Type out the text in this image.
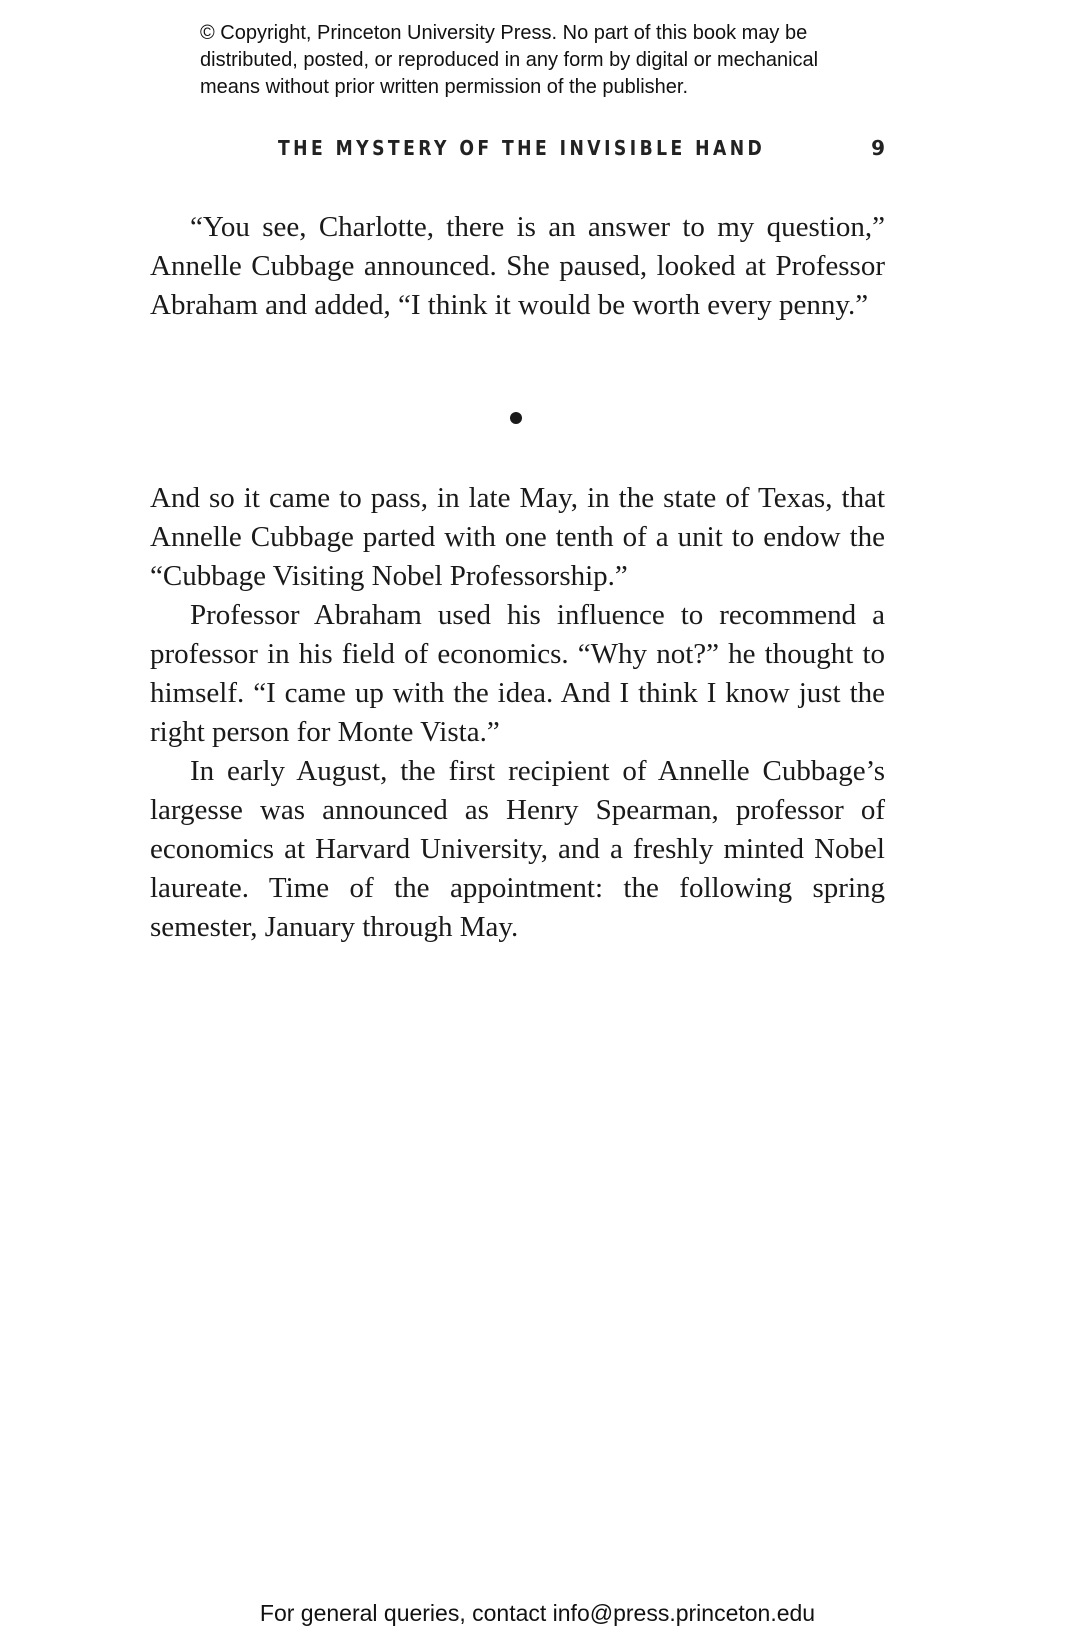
© Copyright, Princeton University Press. No part of this book may be
distributed, posted, or reproduced in any form by digital or mechanical
means without prior written permission of the publisher.
THE MYSTERY OF THE INVISIBLE HAND	9

“You see, Charlotte, there is an answer to my question,” Annelle Cubbage announced. She paused, looked at Professor Abraham and added, “I think it would be worth every penny.”

And so it came to pass, in late May, in the state of Texas, that Annelle Cubbage parted with one tenth of a unit to endow the “Cubbage Visiting Nobel Professorship.”

Professor Abraham used his influence to recommend a professor in his field of economics. “Why not?” he thought to himself. “I came up with the idea. And I think I know just the right person for Monte Vista.”

In early August, the first recipient of Annelle Cubbage’s largesse was announced as Henry Spearman, professor of economics at Harvard University, and a freshly minted Nobel laureate. Time of the appointment: the following spring semester, January through May.

For general queries, contact info@press.princeton.edu
